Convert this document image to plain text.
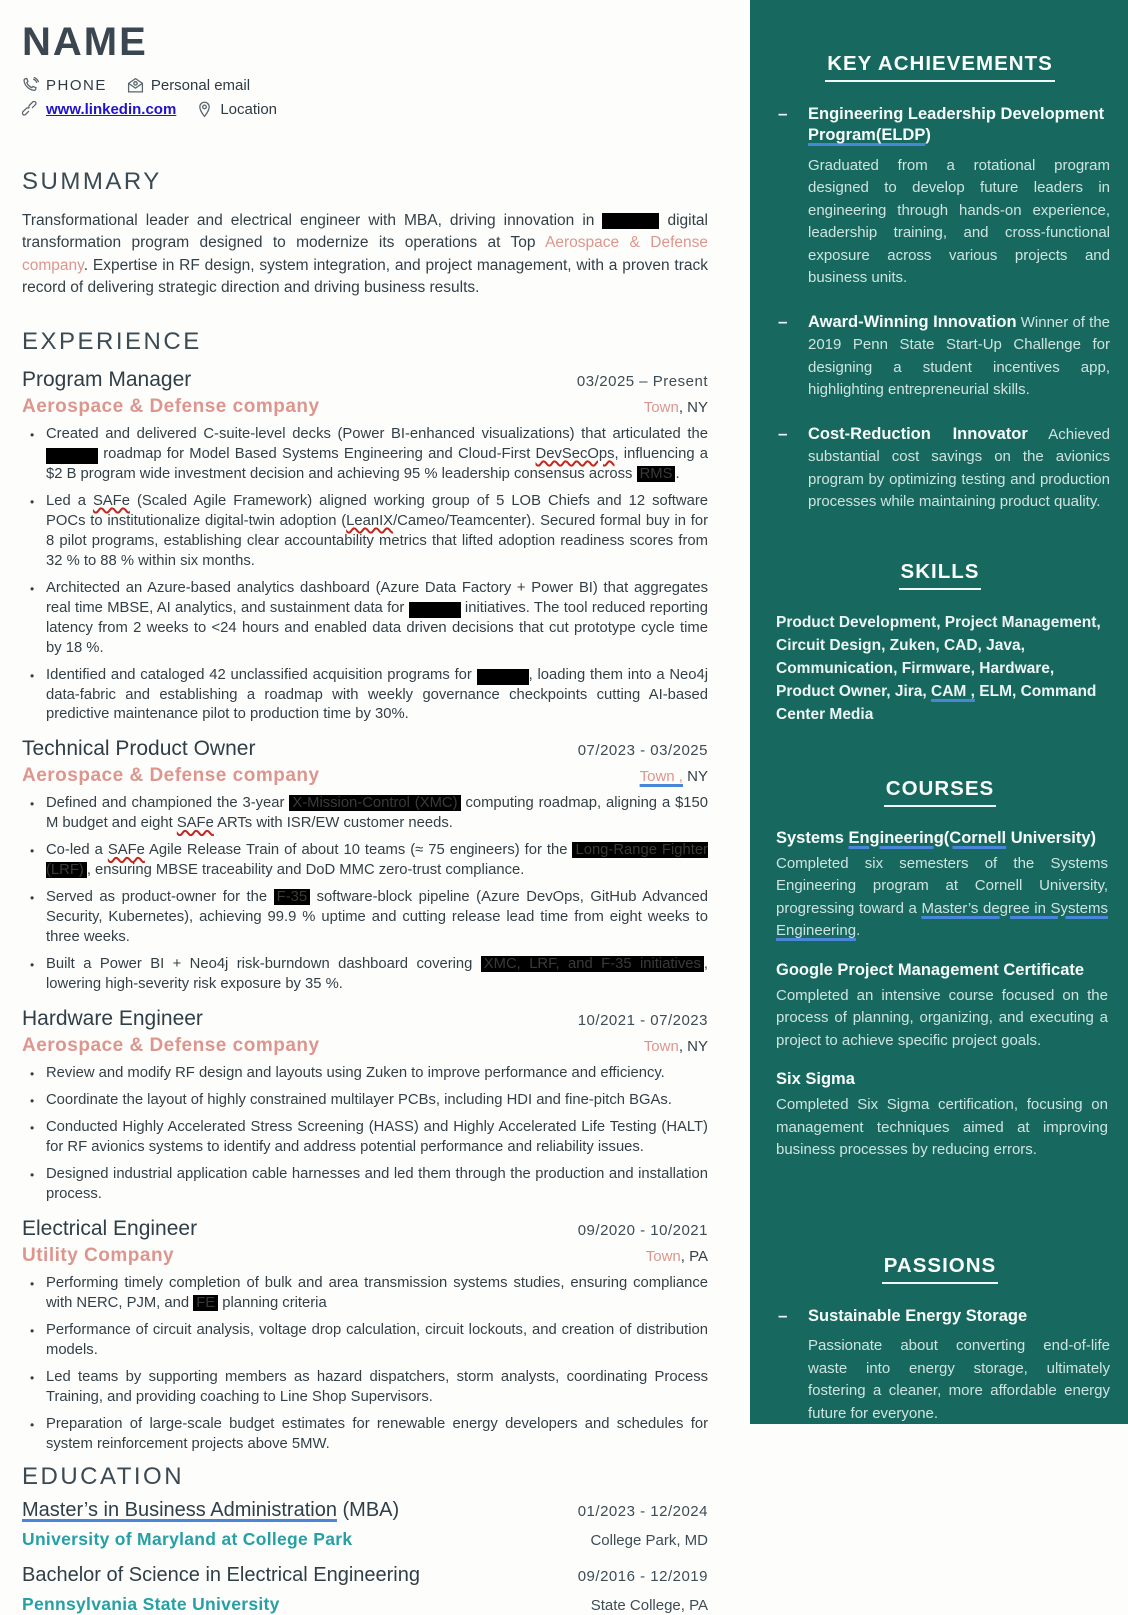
NAME
PHONE	Personal email
www.linkedin.com	Location
SUMMARY

Transformational leader and electrical engineer with MBA, driving innovation in	digital transformation program designed to modernize its operations at Top Aerospace & Defense company. Expertise in RF design, system integration, and project management, with a proven track record of delivering strategic direction and driving business results.

EXPERIENCE
Program Manager	03/2025 – Present
Aerospace & Defense company	Town, NY
• Created and delivered C-suite-level decks (Power BI-enhanced visualizations) that articulated the   roadmap for Model Based Systems Engineering and Cloud-First DevSecOps, influencing a $2 B program wide investment decision and achieving 95 % leadership consensus across RMS .
• Led a SAFe (Scaled Agile Framework) aligned working group of 5 LOB Chiefs and 12 software POCs to institutionalize digital-twin adoption (LeanIX/Cameo/Teamcenter). Secured formal buy in for 8 pilot programs, establishing clear accountability metrics that lifted adoption readiness scores from 32 % to 88 % within six months.
• Architected an Azure-based analytics dashboard (Azure Data Factory + Power BI) that aggregates real time MBSE, AI analytics, and sustainment data for	initiatives. The tool reduced reporting latency from 2 weeks to <24 hours and enabled data driven decisions that cut prototype cycle time by 18 %.
• Identified and cataloged 42 unclassified acquisition programs for	, loading them into a Neo4j data-fabric and establishing a roadmap with weekly governance checkpoints cutting AI-based predictive maintenance pilot to production time by 30%.
Technical Product Owner	07/2023 - 03/2025
Aerospace & Defense company	Town , NY
• Defined and championed the 3-year X-Mission-Control (XMC) computing roadmap, aligning a $150 M budget and eight SAFe ARTs with ISR/EW customer needs.
• Co-led a SAFe Agile Release Train of about 10 teams (≈ 75 engineers) for the Long-Range Fighter (LRF) , ensuring MBSE traceability and DoD MMC zero-trust compliance.
• Served as product-owner for the F-35 software-block pipeline (Azure DevOps, GitHub Advanced Security, Kubernetes), achieving 99.9 % uptime and cutting release lead time from eight weeks to three weeks.
• Built a Power BI + Neo4j risk-burndown dashboard covering XMC, LRF, and F-35 initiatives , lowering high-severity risk exposure by 35 %.
Hardware Engineer	10/2021 - 07/2023
Aerospace & Defense company	Town, NY
• Review and modify RF design and layouts using Zuken to improve performance and efficiency.
• Coordinate the layout of highly constrained multilayer PCBs, including HDI and fine-pitch BGAs.
• Conducted Highly Accelerated Stress Screening (HASS) and Highly Accelerated Life Testing (HALT) for RF avionics systems to identify and address potential performance and reliability issues.
• Designed industrial application cable harnesses and led them through the production and installation process.
Electrical Engineer	09/2020 - 10/2021
Utility Company	Town, PA
• Performing timely completion of bulk and area transmission systems studies, ensuring compliance with NERC, PJM, and FE planning criteria
• Performance of circuit analysis, voltage drop calculation, circuit lockouts, and creation of distribution models.
• Led teams by supporting members as hazard dispatchers, storm analysts, coordinating Process Training, and providing coaching to Line Shop Supervisors.
• Preparation of large-scale budget estimates for renewable energy developers and schedules for system reinforcement projects above 5MW.
EDUCATION
Master’s in Business Administration (MBA)	01/2023 - 12/2024
University of Maryland at College Park	College Park, MD
Bachelor of Science in Electrical Engineering	09/2016 - 12/2019
Pennsylvania State University	State College, PA
KEY ACHIEVEMENTS
– Engineering Leadership Development Program(ELDP)

Graduated from a rotational program designed to develop future leaders in engineering through hands-on experience, leadership training, and cross-functional exposure across various projects and business units.

– Award-Winning Innovation Winner of the 2019 Penn State Start-Up Challenge for designing a student incentives app, highlighting entrepreneurial skills.

– Cost-Reduction Innovator Achieved substantial cost savings on the avionics program by optimizing testing and production processes while maintaining product quality.

SKILLS

Product Development, Project Management, Circuit Design, Zuken, CAD, Java, Communication, Firmware, Hardware, Product Owner, Jira, CAM , ELM, Command Center Media

COURSES
Systems Engineering(Cornell University)

Completed six semesters of the Systems Engineering program at Cornell University, progressing toward a Master’s degree in Systems Engineering.

Google Project Management Certificate

Completed an intensive course focused on the process of planning, organizing, and executing a project to achieve specific project goals.

Six Sigma

Completed Six Sigma certification, focusing on management techniques aimed at improving business processes by reducing errors.

PASSIONS
– Sustainable Energy Storage

Passionate about converting end-of-life waste into energy storage, ultimately fostering a cleaner, more affordable energy future for everyone.
